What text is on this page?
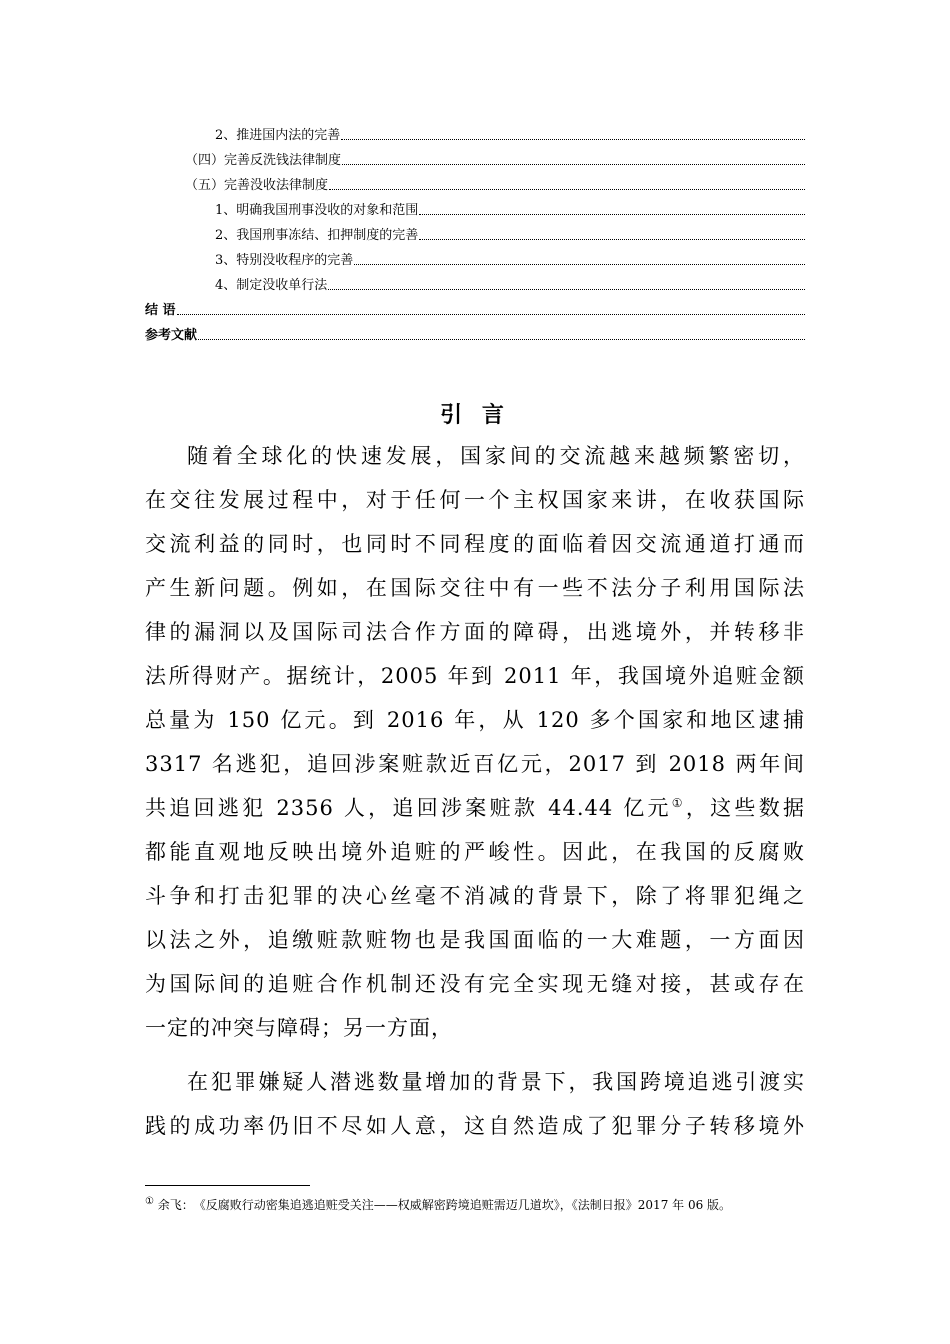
2、推进国内法的完善
（四）完善反洗钱法律制度
（五）完善没收法律制度
1、明确我国刑事没收的对象和范围
2、我国刑事冻结、扣押制度的完善
3、特别没收程序的完善
4、制定没收单行法
结 语
参考文献
引 言
随着全球化的快速发展，国家间的交流越来越频繁密切，
在交往发展过程中，对于任何一个主权国家来讲，在收获国际
交流利益的同时，也同时不同程度的面临着因交流通道打通而
产生新问题。例如，在国际交往中有一些不法分子利用国际法
律的漏洞以及国际司法合作方面的障碍，出逃境外，并转移非
法所得财产。据统计，2005 年到 2011 年，我国境外追赃金额
总量为 150 亿元。到 2016 年，从 120 多个国家和地区逮捕
3317 名逃犯，追回涉案赃款近百亿元，2017 到 2018 两年间
共追回逃犯 2356 人，追回涉案赃款 44.44 亿元①，这些数据
都能直观地反映出境外追赃的严峻性。因此，在我国的反腐败
斗争和打击犯罪的决心丝毫不消减的背景下，除了将罪犯绳之
以法之外，追缴赃款赃物也是我国面临的一大难题，一方面因
为国际间的追赃合作机制还没有完全实现无缝对接，甚或存在
一定的冲突与障碍；另一方面，
在犯罪嫌疑人潜逃数量增加的背景下，我国跨境追逃引渡实
践的成功率仍旧不尽如人意，这自然造成了犯罪分子转移境外
① 余飞：　《反腐败行动密集追逃追赃受关注——权威解密跨境追赃需迈几道坎》，《法制日报》2017 年 06 版。
